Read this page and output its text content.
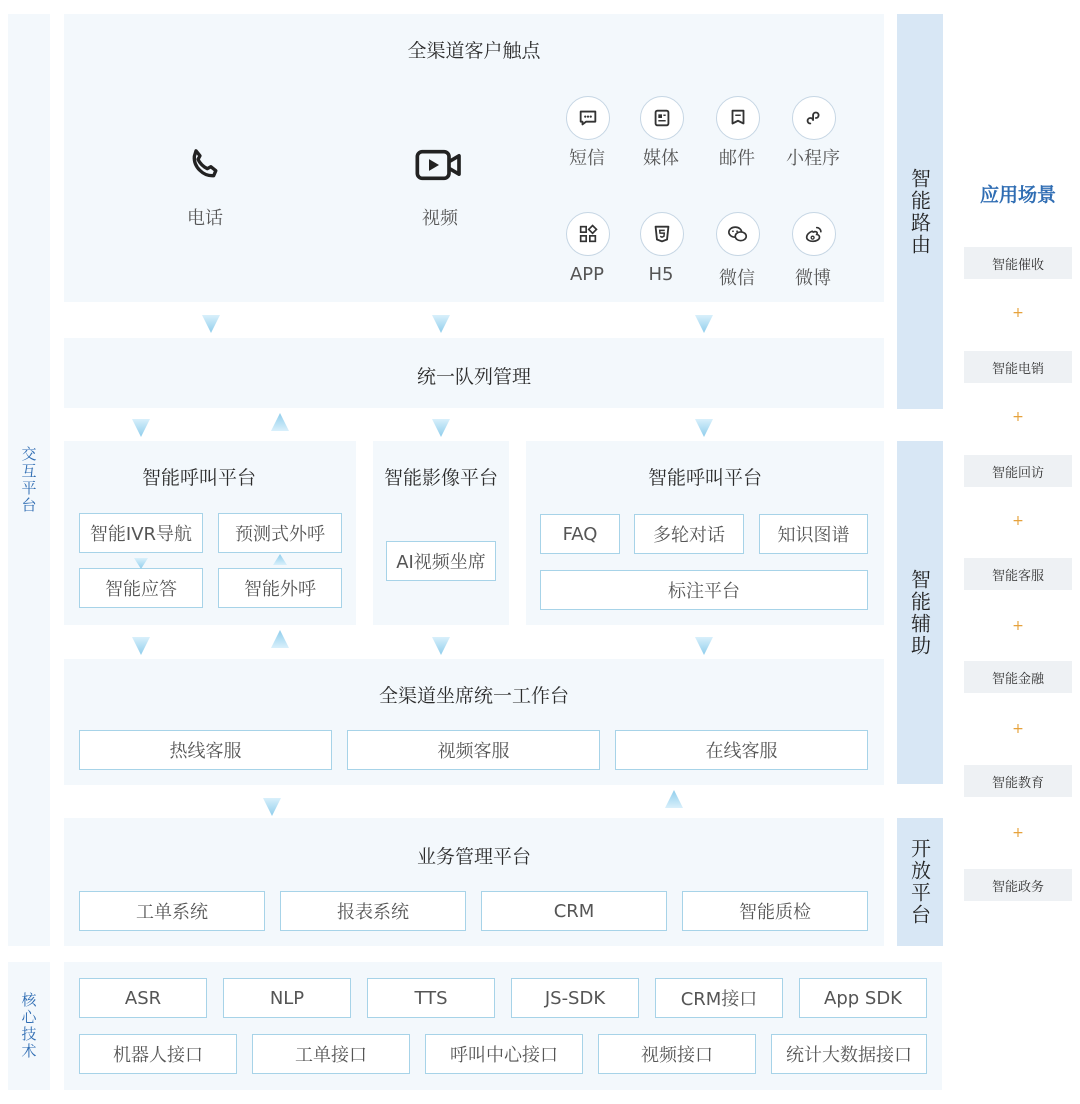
交互平台
核心技术
智能路由
智能辅助
开放平台
全渠道客户触点
电话	视频
短信	媒体	邮件	小程序
APP	H5	微信	微博
统一队列管理
智能呼叫平台
智能IVR导航	预测式外呼
智能应答	智能外呼
智能影像平台
AI视频坐席
智能呼叫平台
FAQ	多轮对话	知识图谱
标注平台
全渠道坐席统一工作台
热线客服	视频客服	在线客服
业务管理平台
工单系统	报表系统	CRM	智能质检
ASR	NLP	TTS	JS-SDK	CRM接口	App SDK
机器人接口	工单接口	呼叫中心接口	视频接口	统计大数据接口
应用场景
智能催收
+
智能电销
+
智能回访
+
智能客服
+
智能金融
+
智能教育
+
智能政务
